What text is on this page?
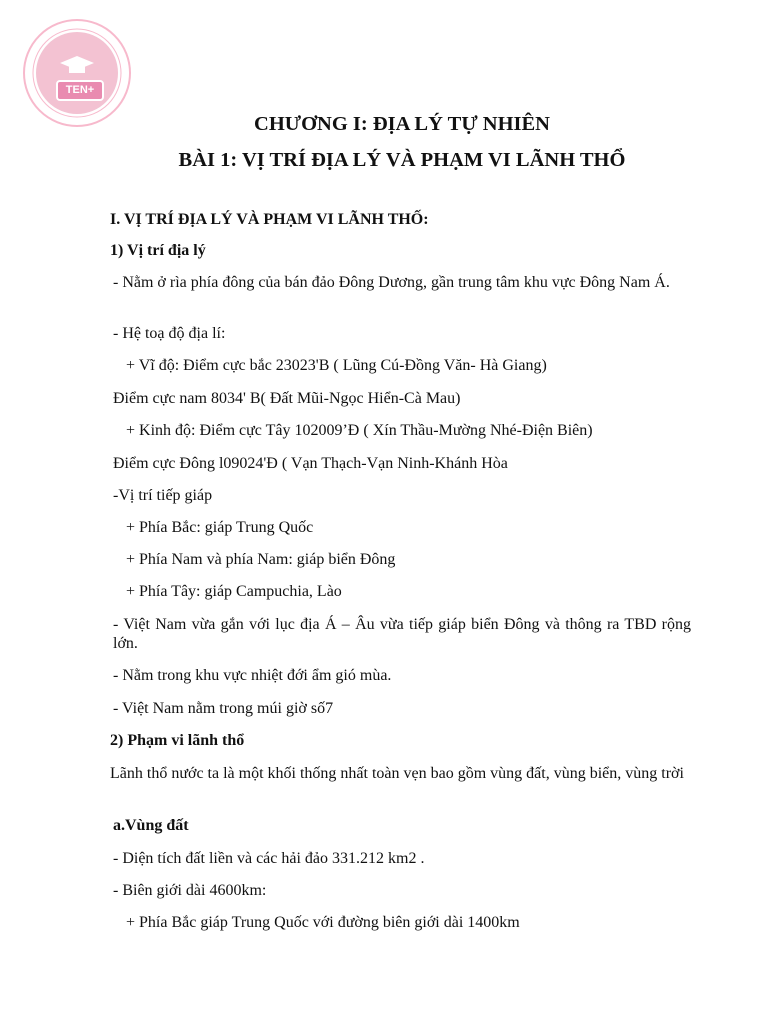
TEN+
CHƯƠNG I: ĐỊA LÝ TỰ NHIÊN
BÀI 1: VỊ TRÍ ĐỊA LÝ VÀ PHẠM VI LÃNH THỔ

I. VỊ TRÍ ĐỊA LÝ VÀ PHẠM VI LÃNH THỐ:

1) Vị trí địa lý

- Nằm ở rìa phía đông của bán đảo Đông Dương, gần trung tâm khu vực Đông Nam Á.

- Hệ toạ độ địa lí:

+ Vĩ độ: Điểm cực bắc 23023'B ( Lũng Cú-Đồng Văn- Hà Giang)

Điểm cực nam 8034' B( Đất Mũi-Ngọc Hiển-Cà Mau)

+ Kinh độ: Điểm cực Tây 102009’Đ ( Xín Thầu-Mường Nhé-Điện Biên)

Điểm cực Đông l09024'Đ ( Vạn Thạch-Vạn Ninh-Khánh Hòa

-Vị trí tiếp giáp

+ Phía Bắc: giáp Trung Quốc

+ Phía Nam và phía Nam: giáp biển Đông

+ Phía Tây: giáp Campuchia, Lào

- Việt Nam vừa gắn với lục địa Á – Âu vừa tiếp giáp biển Đông và thông ra TBD rộng lớn.

- Nằm trong khu vực nhiệt đới ẩm gió mùa.

- Việt Nam nằm trong múi giờ số7

2) Phạm vi lãnh thổ

Lãnh thổ nước ta là một khối thống nhất toàn vẹn bao gồm vùng đất, vùng biển, vùng trời

a.Vùng đất

- Diện tích đất liền và các hải đảo 331.212 km2 .

- Biên giới dài 4600km:

+ Phía Bắc giáp Trung Quốc với đường biên giới dài 1400km
